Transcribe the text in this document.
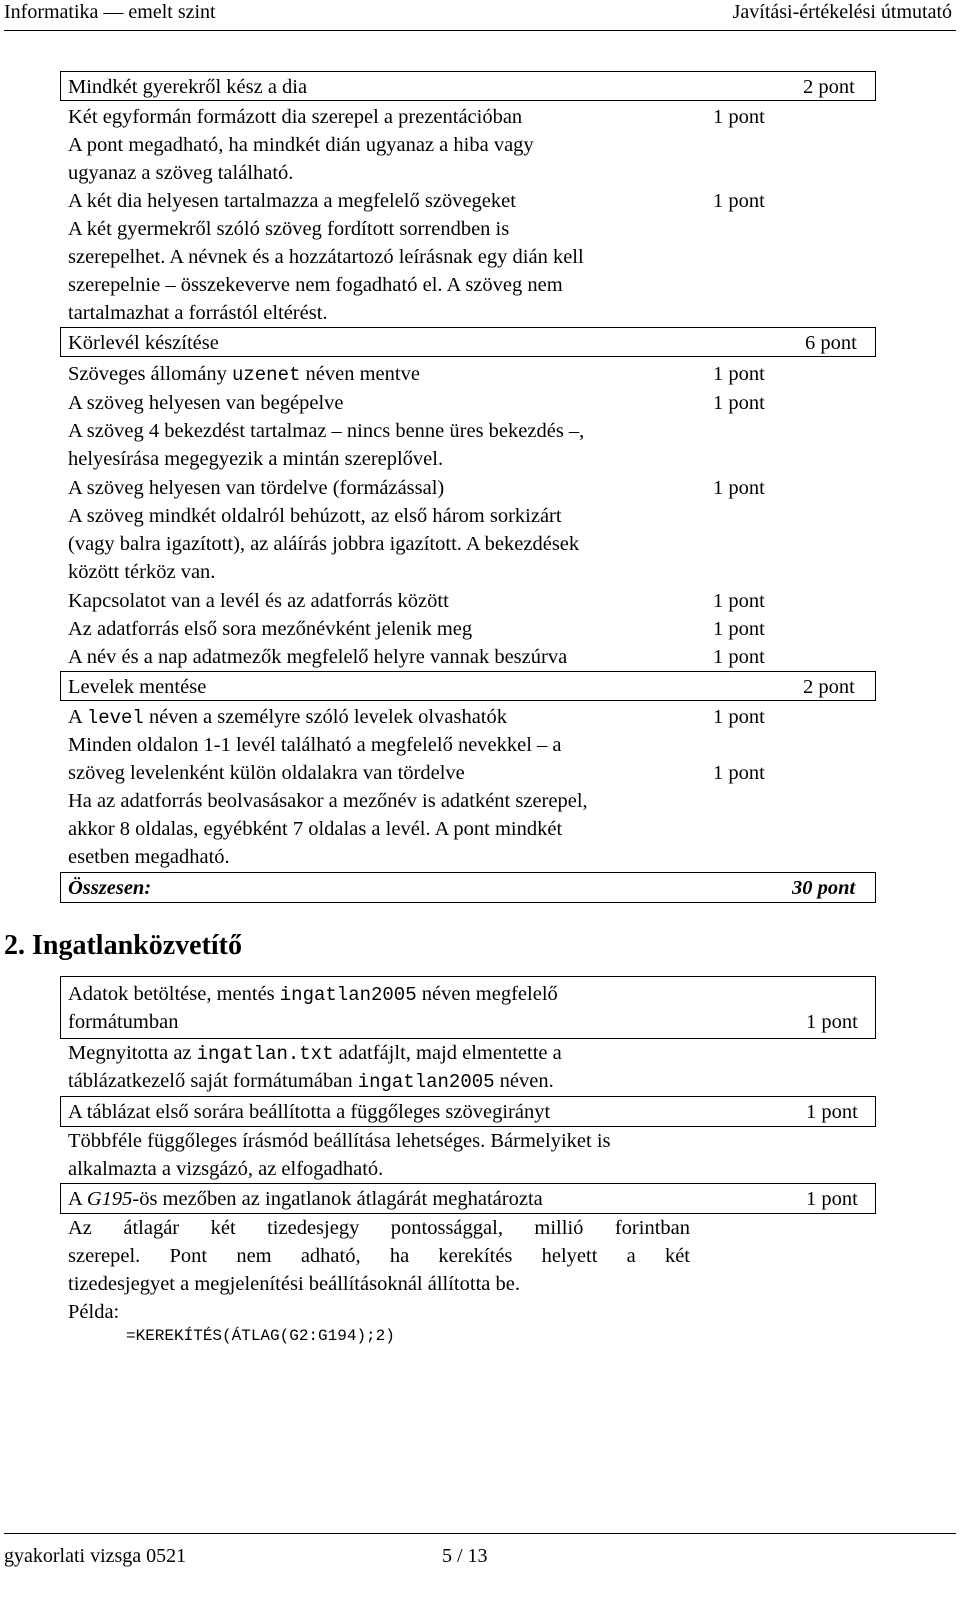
Informatika — emelt szint	Javítási-értékelési útmutató
Mindkét gyerekről kész a dia	2 pont
Két egyformán formázott dia szerepel a prezentációban	1 pont
A pont megadható, ha mindkét dián ugyanaz a hiba vagy
ugyanaz a szöveg található.
A két dia helyesen tartalmazza a megfelelő szövegeket	1 pont
A két gyermekről szóló szöveg fordított sorrendben is
szerepelhet. A névnek és a hozzátartozó leírásnak egy dián kell
szerepelnie – összekeverve nem fogadható el. A szöveg nem
tartalmazhat a forrástól eltérést.
Körlevél készítése	6 pont
Szöveges állomány uzenet néven mentve	1 pont
A szöveg helyesen van begépelve	1 pont
A szöveg 4 bekezdést tartalmaz – nincs benne üres bekezdés –,
helyesírása megegyezik a mintán szereplővel.
A szöveg helyesen van tördelve (formázással)	1 pont
A szöveg mindkét oldalról behúzott, az első három sorkizárt
(vagy balra igazított), az aláírás jobbra igazított. A bekezdések
között térköz van.
Kapcsolatot van a levél és az adatforrás között	1 pont
Az adatforrás első sora mezőnévként jelenik meg	1 pont
A név és a nap adatmezők megfelelő helyre vannak beszúrva	1 pont
Levelek mentése	2 pont
A level néven a személyre szóló levelek olvashatók	1 pont
Minden oldalon 1-1 levél található a megfelelő nevekkel – a
szöveg levelenként külön oldalakra van tördelve	1 pont
Ha az adatforrás beolvasásakor a mezőnév is adatként szerepel,
akkor 8 oldalas, egyébként 7 oldalas a levél. A pont mindkét
esetben megadható.
Összesen:	30 pont
2. Ingatlanközvetítő
Adatok betöltése, mentés ingatlan2005 néven megfelelő
formátumban	1 pont
Megnyitotta az ingatlan.txt adatfájlt, majd elmentette a
táblázatkezelő saját formátumában ingatlan2005 néven.
A táblázat első sorára beállította a függőleges szövegirányt	1 pont
Többféle függőleges írásmód beállítása lehetséges. Bármelyiket is
alkalmazta a vizsgázó, az elfogadható.
A G195-ös mezőben az ingatlanok átlagárát meghatározta	1 pont
Az átlagár két tizedesjegy pontossággal, millió forintban
szerepel. Pont nem adható, ha kerekítés helyett a két
tizedesjegyet a megjelenítési beállításoknál állította be.
Példa:
=KEREKÍTÉS(ÁTLAG(G2:G194);2)
gyakorlati vizsga 0521	5 / 13
